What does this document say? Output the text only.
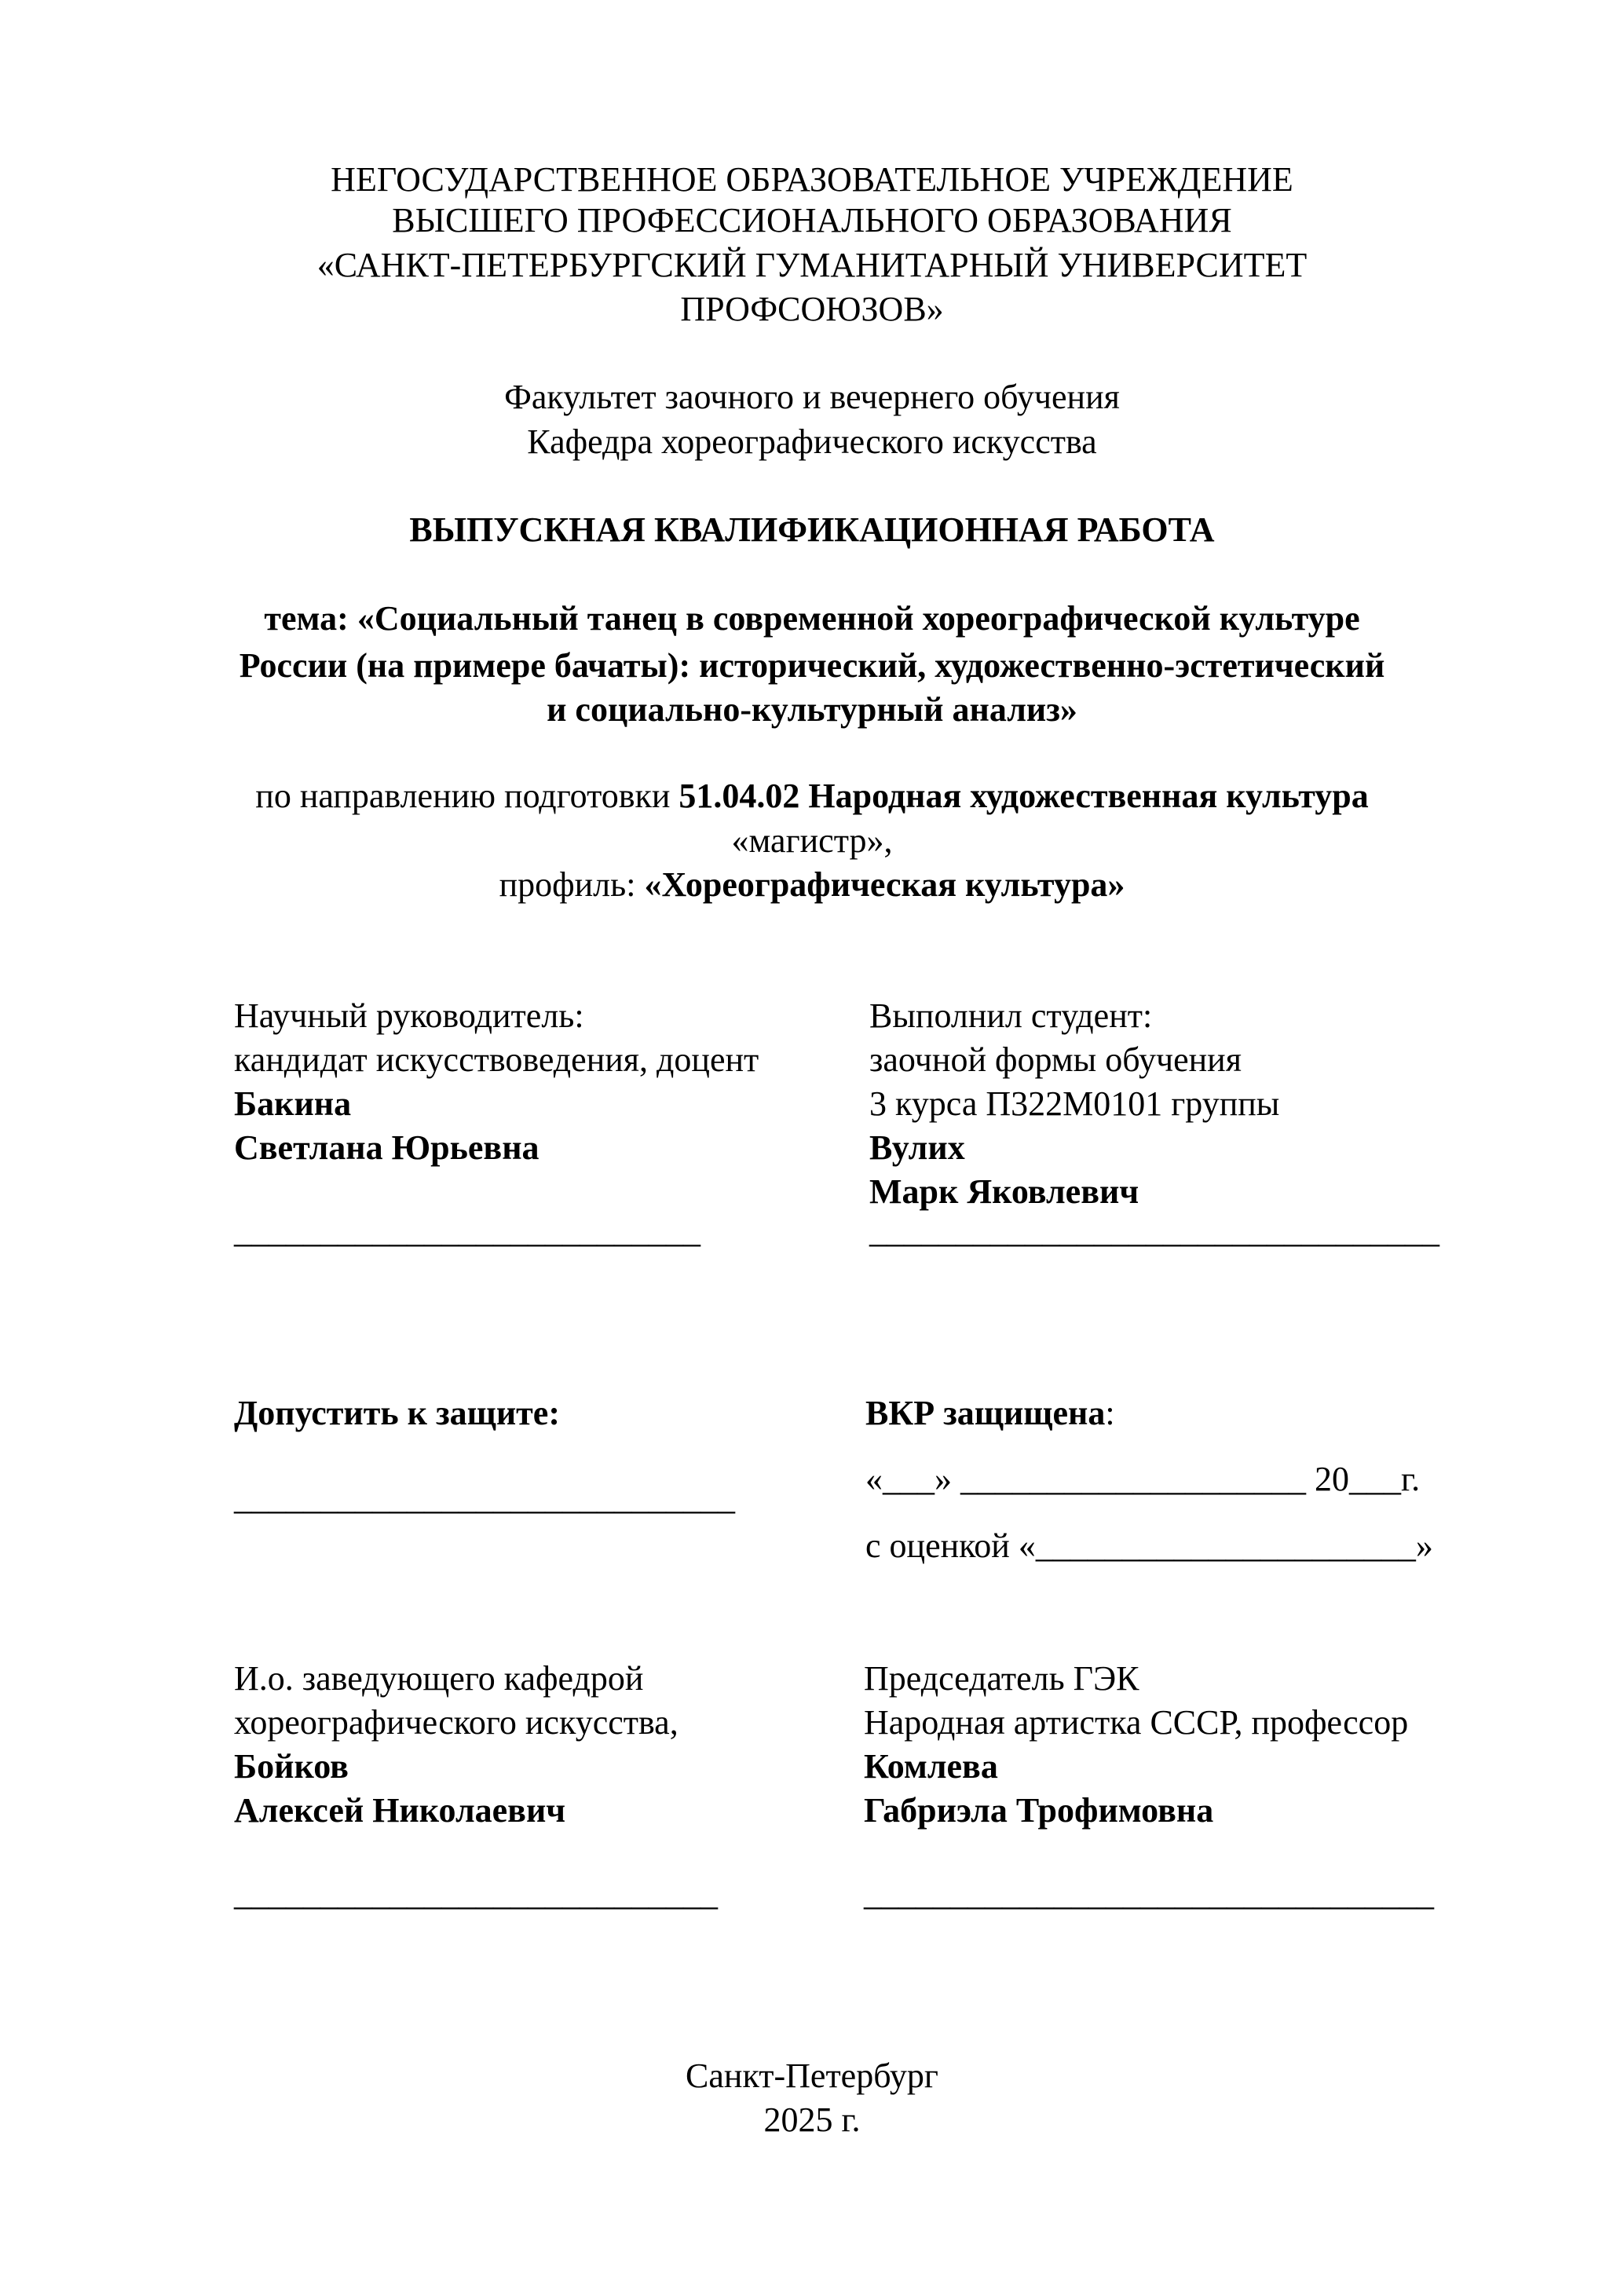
НЕГОСУДАРСТВЕННОЕ ОБРАЗОВАТЕЛЬНОЕ УЧРЕЖДЕНИЕ
ВЫСШЕГО ПРОФЕССИОНАЛЬНОГО ОБРАЗОВАНИЯ
«САНКТ-ПЕТЕРБУРГСКИЙ ГУМАНИТАРНЫЙ УНИВЕРСИТЕТ
ПРОФСОЮЗОВ»
Факультет заочного и вечернего обучения
Кафедра хореографического искусства
ВЫПУСКНАЯ КВАЛИФИКАЦИОННАЯ РАБОТА
тема: «Социальный танец в современной хореографической культуре
России (на примере бачаты): исторический, художественно-эстетический
и социально-культурный анализ»
по направлению подготовки 51.04.02 Народная художественная культура
«магистр»,
профиль: «Хореографическая культура»
Научный руководитель:
кандидат искусствоведения, доцент
Бакина
Светлана Юрьевна
___________________________
Выполнил студент:
заочной формы обучения
3 курса П322М0101 группы
Вулих
Марк Яковлевич
_________________________________
Допустить к защите:
_____________________________
ВКР защищена:
«___» ____________________ 20___г.
с оценкой «______________________»
И.о. заведующего кафедрой
хореографического искусства,
Бойков
Алексей Николаевич
____________________________
Председатель ГЭК
Народная артистка СССР, профессор
Комлева
Габриэла Трофимовна
_________________________________
Санкт-Петербург
2025 г.
